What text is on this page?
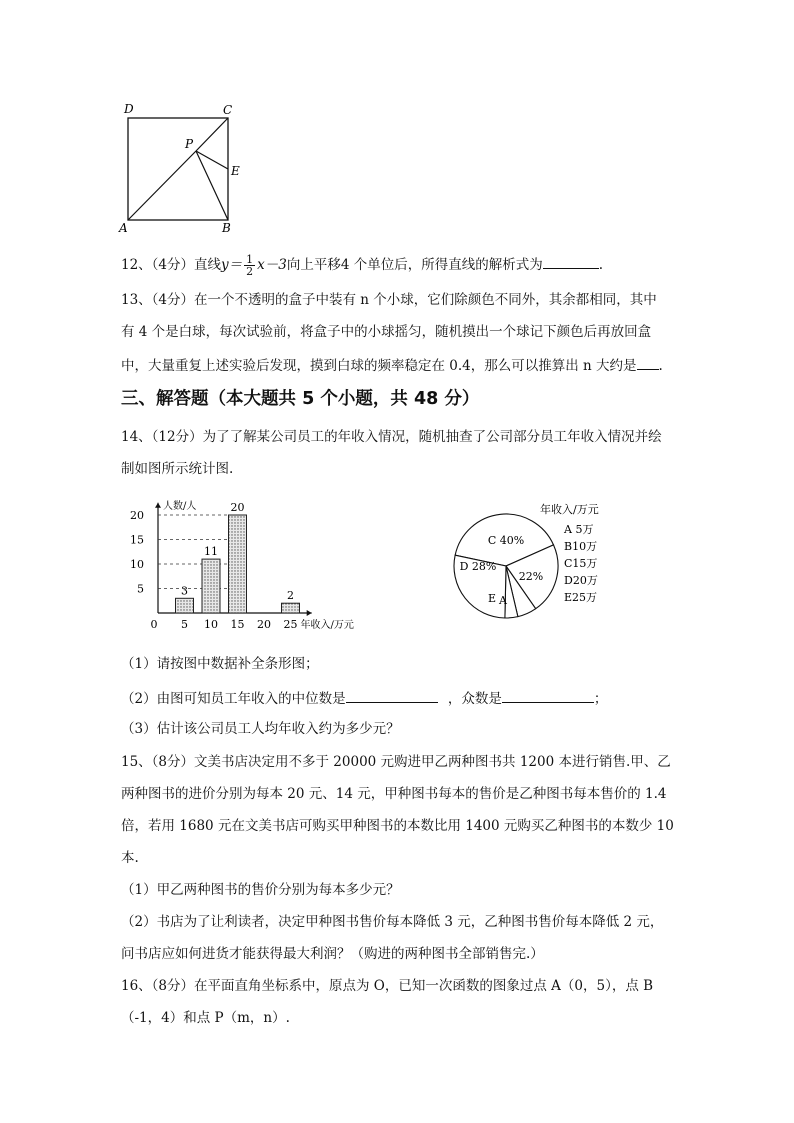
D	C
P
E
A	B
12、（4分）直线$y= \frac{1}{2} x-3$向上平移4 个单位后，所得直线的解析式为	.
13、（4分）在一个不透明的盒子中装有 n 个小球，它们除颜色不同外，其余都相同，其中
有 4 个是白球，每次试验前，将盒子中的小球摇匀，随机摸出一个球记下颜色后再放回盒
中，大量重复上述实验后发现，摸到白球的频率稳定在 0.4，那么可以推算出 n 大约是 .
三、解答题（本大题共 5 个小题，共 48 分）
14、（12分）为了了解某公司员工的年收入情况，随机抽查了公司部分员工年收入情况并绘
制如图所示统计图.
5
10
15
20
0 5 10 15 20 25
人数/人
年收入/万元
3
11
20
2
C 40%
22%
A
E
D 28%
年收入/万元
A 5万
B10万
C15万
D20万
E25万
（1）请按图中数据补全条形图；
（2）由图可知员工年收入的中位数是	，众数是	；
（3）估计该公司员工人均年收入约为多少元？
15、（8分）文美书店决定用不多于 20000 元购进甲乙两种图书共 1200 本进行销售.甲、乙
两种图书的进价分别为每本 20 元、14 元，甲种图书每本的售价是乙种图书每本售价的 1.4
倍，若用 1680 元在文美书店可购买甲种图书的本数比用 1400 元购买乙种图书的本数少 10
本.
（1）甲乙两种图书的售价分别为每本多少元？
（2）书店为了让利读者，决定甲种图书售价每本降低 3 元，乙种图书售价每本降低 2 元，
问书店应如何进货才能获得最大利润？（购进的两种图书全部销售完.）
16、（8分）在平面直角坐标系中，原点为 O，已知一次函数的图象过点 A（0，5），点 B
（-1，4）和点 P（m，n）.
